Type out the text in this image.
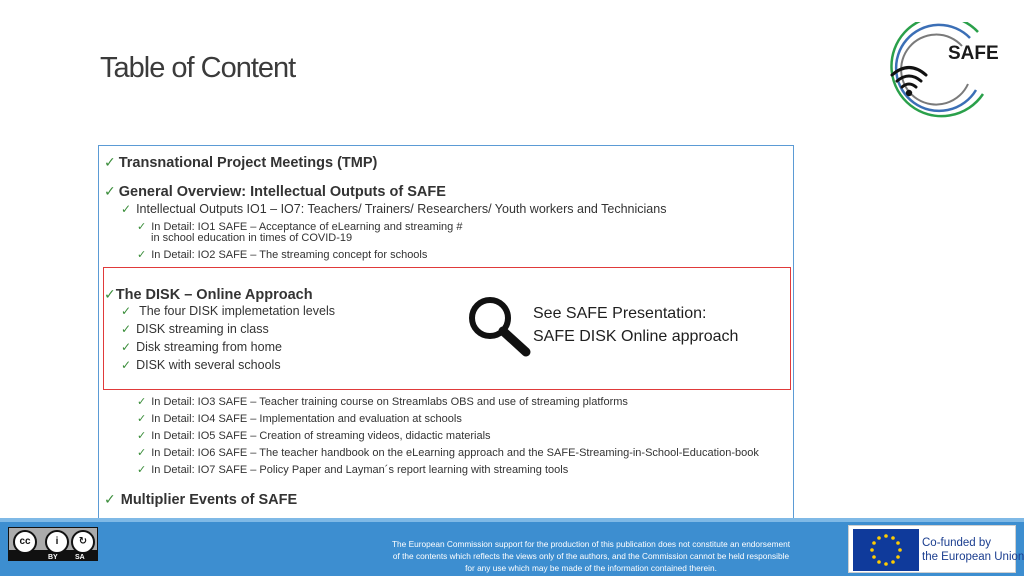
Table of Content	SAFE
✓ Transnational Project Meetings (TMP)
✓ General Overview: Intellectual Outputs of SAFE
✓ Intellectual Outputs IO1 – IO7: Teachers/ Trainers/ Researchers/ Youth workers and Technicians
✓ In Detail: IO1 SAFE – Acceptance of eLearning and streaming #
in school education in times of COVID-19
✓ In Detail: IO2 SAFE – The streaming concept for schools
✓ The DISK – Online Approach
✓ The four DISK implemetation levels
✓ DISK streaming in class
✓ Disk streaming from home
✓ DISK with several schools
See SAFE Presentation:
SAFE DISK Online approach
✓ In Detail: IO3 SAFE – Teacher training course on Streamlabs OBS and use of streaming platforms
✓ In Detail: IO4 SAFE – Implementation and evaluation at schools
✓ In Detail: IO5 SAFE – Creation of streaming videos, didactic materials
✓ In Detail: IO6 SAFE – The teacher handbook on the eLearning approach and the SAFE-Streaming-in-School-Education-book
✓ In Detail: IO7 SAFE – Policy Paper and Layman´s report learning with streaming tools
✓ Multiplier Events of SAFE
cc	i	↻
BY SA
The European Commission support for the production of this publication does not constitute an endorsement
of the contents which reflects the views only of the authors, and the Commission cannot be held responsible
for any use which may be made of the information contained therein.
Co-funded by
the European Union
